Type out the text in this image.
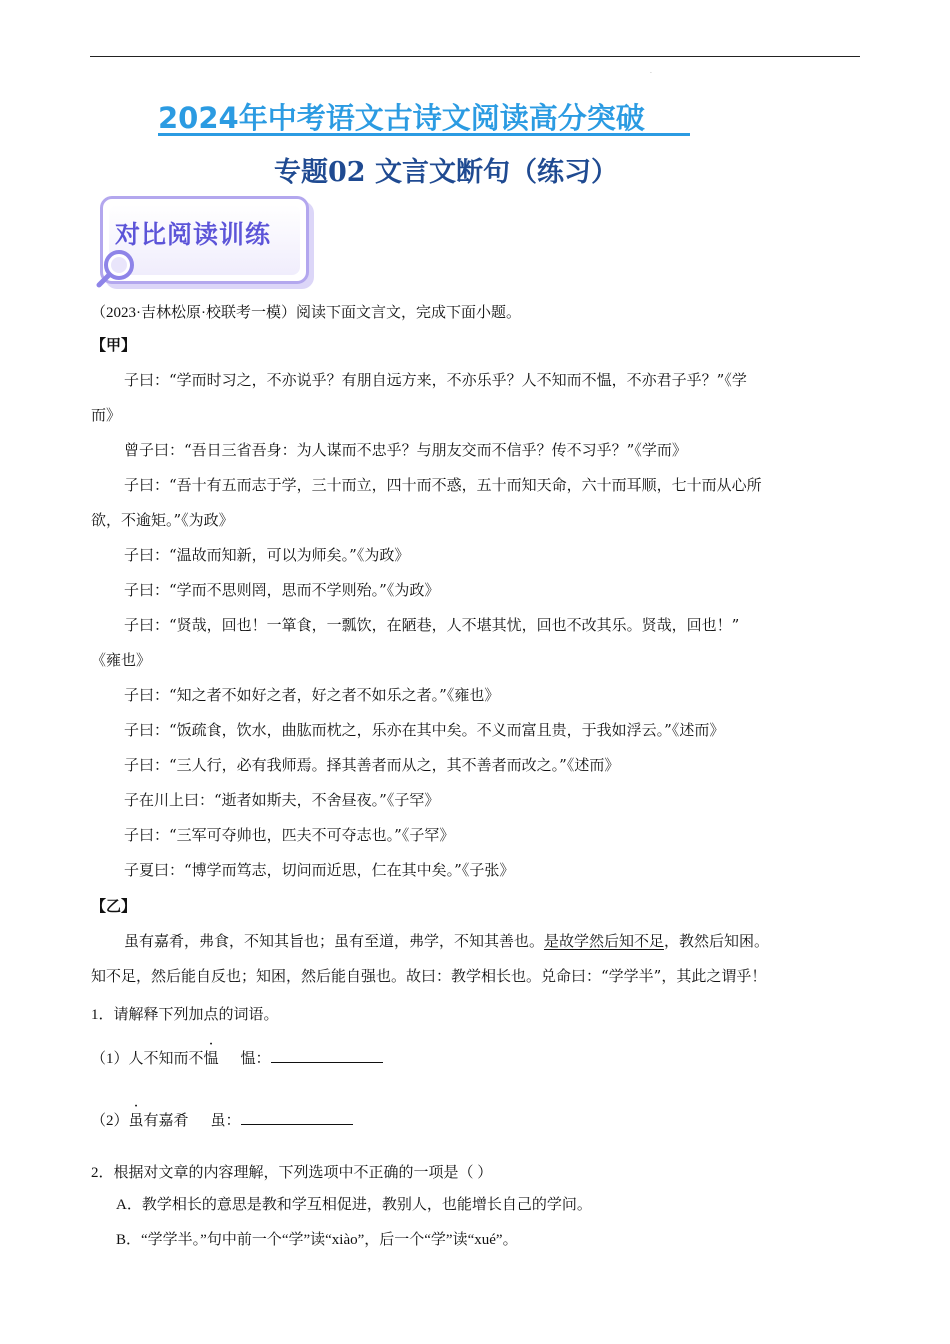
·
2024年中考语文古诗文阅读高分突破
专题02 文言文断句（练习）
对比阅读训练

（2023·吉林松原·校联考一模）阅读下面文言文，完成下面小题。

【甲】

子曰：“学而时习之，不亦说乎？有朋自远方来，不亦乐乎？人不知而不愠，不亦君子乎？”《学

而》

曾子曰：“吾日三省吾身：为人谋而不忠乎？与朋友交而不信乎？传不习乎？”《学而》

子曰：“吾十有五而志于学，三十而立，四十而不惑，五十而知天命，六十而耳顺，七十而从心所

欲，不逾矩。”《为政》

子曰：“温故而知新，可以为师矣。”《为政》

子曰：“学而不思则罔，思而不学则殆。”《为政》

子曰：“贤哉，回也！一箪食，一瓢饮，在陋巷，人不堪其忧，回也不改其乐。贤哉，回也！”

《雍也》

子曰：“知之者不如好之者，好之者不如乐之者。”《雍也》

子曰：“饭疏食，饮水，曲肱而枕之，乐亦在其中矣。不义而富且贵，于我如浮云。”《述而》

子曰：“三人行，必有我师焉。择其善者而从之，其不善者而改之。”《述而》

子在川上曰：“逝者如斯夫，不舍昼夜。”《子罕》

子曰：“三军可夺帅也，匹夫不可夺志也。”《子罕》

子夏曰：“博学而笃志，切问而近思，仁在其中矣。”《子张》

【乙】

虽有嘉肴，弗食，不知其旨也；虽有至道，弗学，不知其善也。是故学然后知不足，教然后知困。

知不足，然后能自反也；知困，然后能自强也。故曰：教学相长也。兑命曰：“学学半”，其此之谓乎！

1．请解释下列加点的词语。

（1）人不知而不愠 愠：

（2）虽有嘉肴 虽：

2．根据对文章的内容理解，下列选项中不正确的一项是（ ）

A．教学相长的意思是教和学互相促进，教别人，也能增长自己的学问。

B．“学学半。”句中前一个“学”读“xiào”，后一个“学”读“xué”。
